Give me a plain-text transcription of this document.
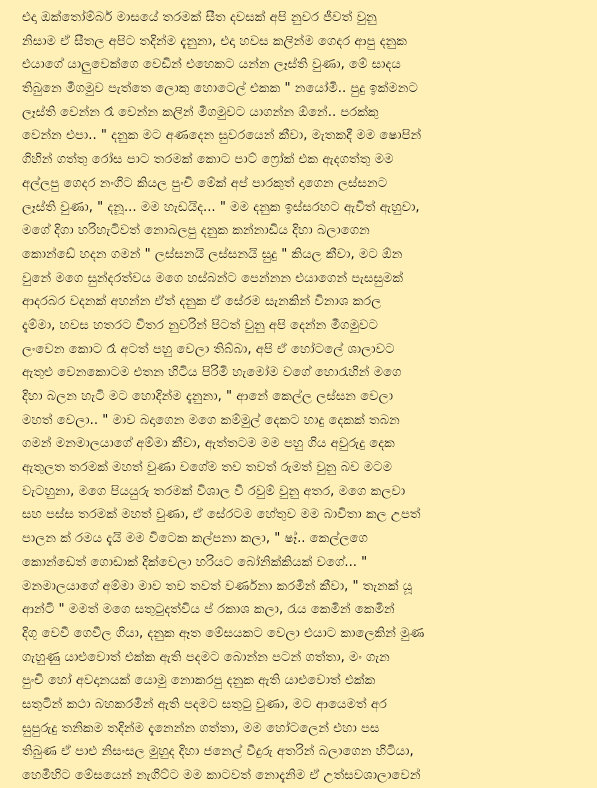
එදා ඔක්තෝම්බර් මාසයේ තරමක් සීත දවසක් අපි නුවර ජීවත් වුනු
නිසාම ඒ සීතල අපිට තදින්ම දැනුනා, එදා හවස කලින්ම ගෙදර ආපු දනුක
එයාගේ යාලුවෙක්ගෙ වෙඩින් එහෙකට යන්න ලෑස්ති වුණා, මේ සාදය
තිබුනෙ මීගමුව පැත්තෙ ලොකු හොටෙල් එකක " නයෝමි.. පුදු ඉක්මනට
ලෑස්ති වෙන්න රෑ වෙන්න කලින් මීගමුවට යාගන්න ඕනේ.. පරක්කු
වෙන්න එපා.. " දනුක මට අණදෙන සුවරයෙන් කීවා, මැතකදී මම ෂොපින්
ගිහින් ගත්තු රෝස පාට තරමක් කොට පාට් ෆ්‍රෝක් එක ඇදගත්තු මම
අල්ලපු ගෙදර නංගිට කියල පුංචි මේක් අප් පාරකුත් දාගෙන ලස්සනට
ලෑස්ති වුණා, " දනූ... මම හැඩයිද... " මම දනුක ඉස්සරහට ඇවිත් ඇහුවා,
මගේ දිගා හරිහැටිවත් නොබලපු දනුක කන්නාඩිය දිහා බලාගෙන
කොන්ඩේ හදන ගමන් " ලස්සනයි ලස්සනයි සුදු " කියල කීවා, මට ඕන
වුනේ මගෙ සුන්දරත්වය මගෙ හස්බන්ට පෙන්නන එයාගෙන් පැසසුමක්
ආදරබර වදනක් අහන්න ඒත් දනුක ඒ සේරම සැනකින් විනාශ කරල
දැම්මා, හවස හතරට විතර නුවරින් පිටත් වුනු අපි දෙන්න මීගමුවට
ලංවෙන කොට රෑ අටත් පහු වෙලා තිබ්බා, අපි ඒ හෝටලේ ශාලාවට
ඇතුළු වෙනකොටම එතන හිටිය පිරිමි හැමෝම වගේ හොරැහින් මගෙ
දිහා බලන හැටි මට හොදින්ම දැනුනා, " ආනේ කෙල්ල ලස්සන වෙලා
මහත් වෙලා.. " මාව බදාගෙන මගෙ කම්මුල් දෙකට හාදු දෙකක් තබන
ගමන් මනමාලයාගේ අම්මා කීවා, ඇත්තටම මම පහු ගිය අවුරුදු දෙක
ඇතුලත තරමක් මහත් වුණා වගේම තව තවත් රුමත් වුනු බව මටම
වැටහුනා, මගෙ පියයුරු තරමක් විශාල වී රවුම් වුනු අතර, මගෙ කලවා
සහ පස්ස තරමක් මහත් වුණා, ඒ සේරටම හේතුව මම බාවිතා කල උපත්
පාලන ක් රමය දැයි මම විටෙක කල්පනා කලා, " ෂෑ්.. කෙල්ලගෙ
කොන්ඩෙත් ගොඩාක් දික්වෙලා හරියට බෝනික්කියක් වගේ... "
මනමාලයාගේ අම්මා මාව තව තවත් වර්ණනා කරමින් කීවා, " තැනක් යූ
ආන්ටි " මමත් මගෙ සතුටුදත්විය ප් රකාශ කලා, රැය කෙමින් කෙමින්
දිගු වෙවී ගෙවීල ගියා, දනුක ඈත මේසයකට වෙලා එයාට කාලෙකින් මුණ
ගැහුණු යාළුවොත් එක්ක ඇති පදමට බොන්න පටන් ගත්තා, මං ගැන
පුංචි හෝ අවදානයක් යොමු නොකරපු දනුක ඇති යාළුවොත් එක්ක
සතුටින් කථා බහකරමින් ඇති පදමට සතුටු වුණා, මට ආයෙමත් අර
සුපුරුදු තනිකම තදින්ම දැනෙන්න ගත්තා, මම හෝටලෙන් එහා පස
තිබුණ ඒ පාළු නිසංසල මුහුද දිහා ජනෙල් වීදුරු අතරින් බලාගෙන හිටියා,
හෙමිහිට මේසයෙන් නැගිට්ට මම කාටවත් නොදැනිම ඒ උත්සවශාලාවෙන්
